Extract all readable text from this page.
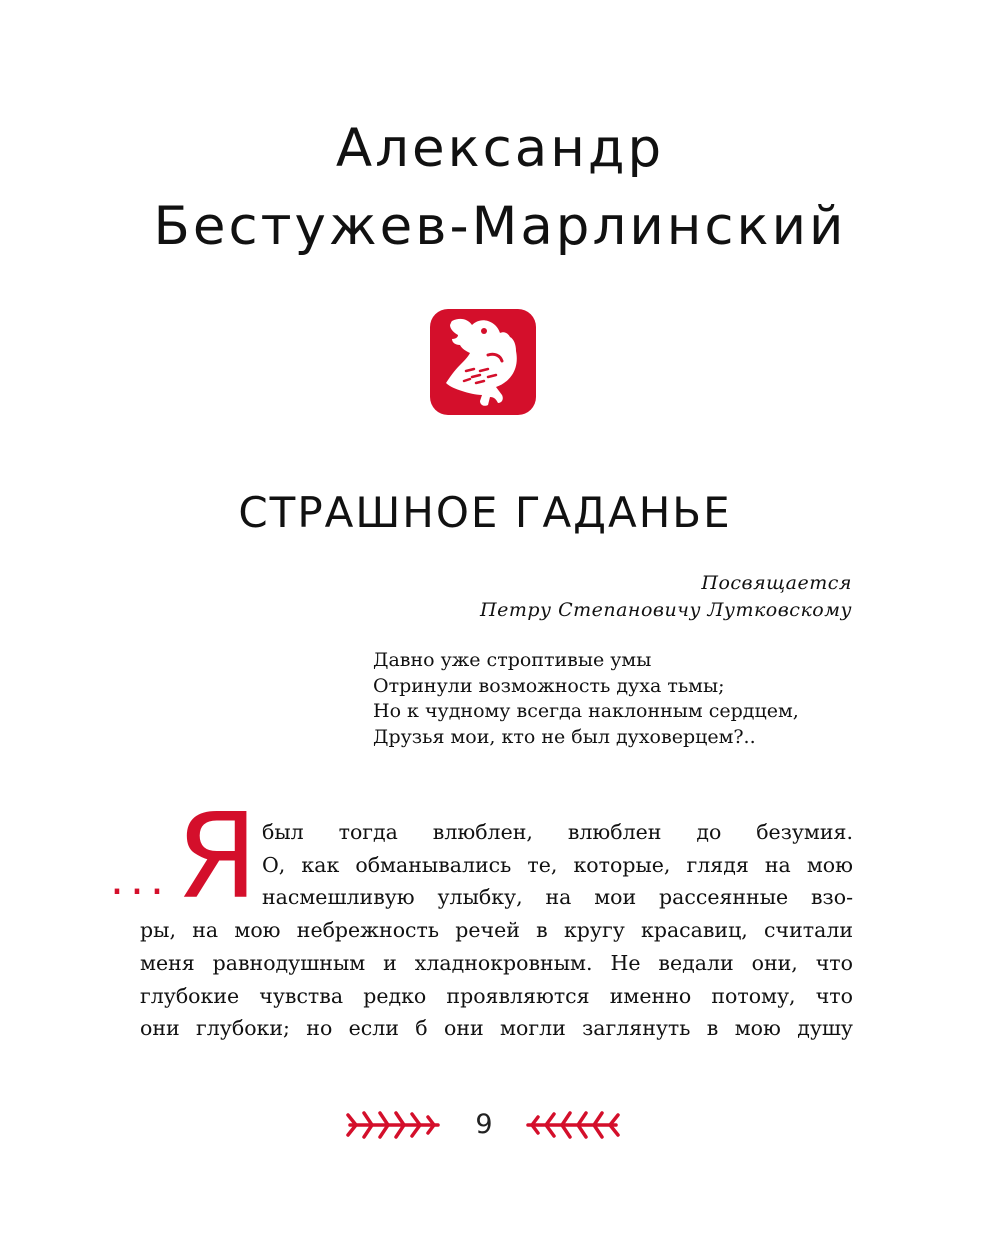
Александр
Бестужев-Марлинский
СТРАШНОЕ ГАДАНЬЕ
Посвящается
Петру Степановичу Лутковскому
Давно уже строптивые умы
Отринули возможность духа тьмы;
Но к чудному всегда наклонным сердцем,
Друзья мои, кто не был духоверцем?..
... Я был тогда влюблен, влюблен до безумия.
О, как обманывались те, которые, глядя на мою
насмешливую улыбку, на мои рассеянные взо-
ры, на мою небрежность речей в кругу красавиц, считали
меня равнодушным и хладнокровным. Не ведали они, что
глубокие чувства редко проявляются именно потому, что
они глубоки; но если б они могли заглянуть в мою душу
9
